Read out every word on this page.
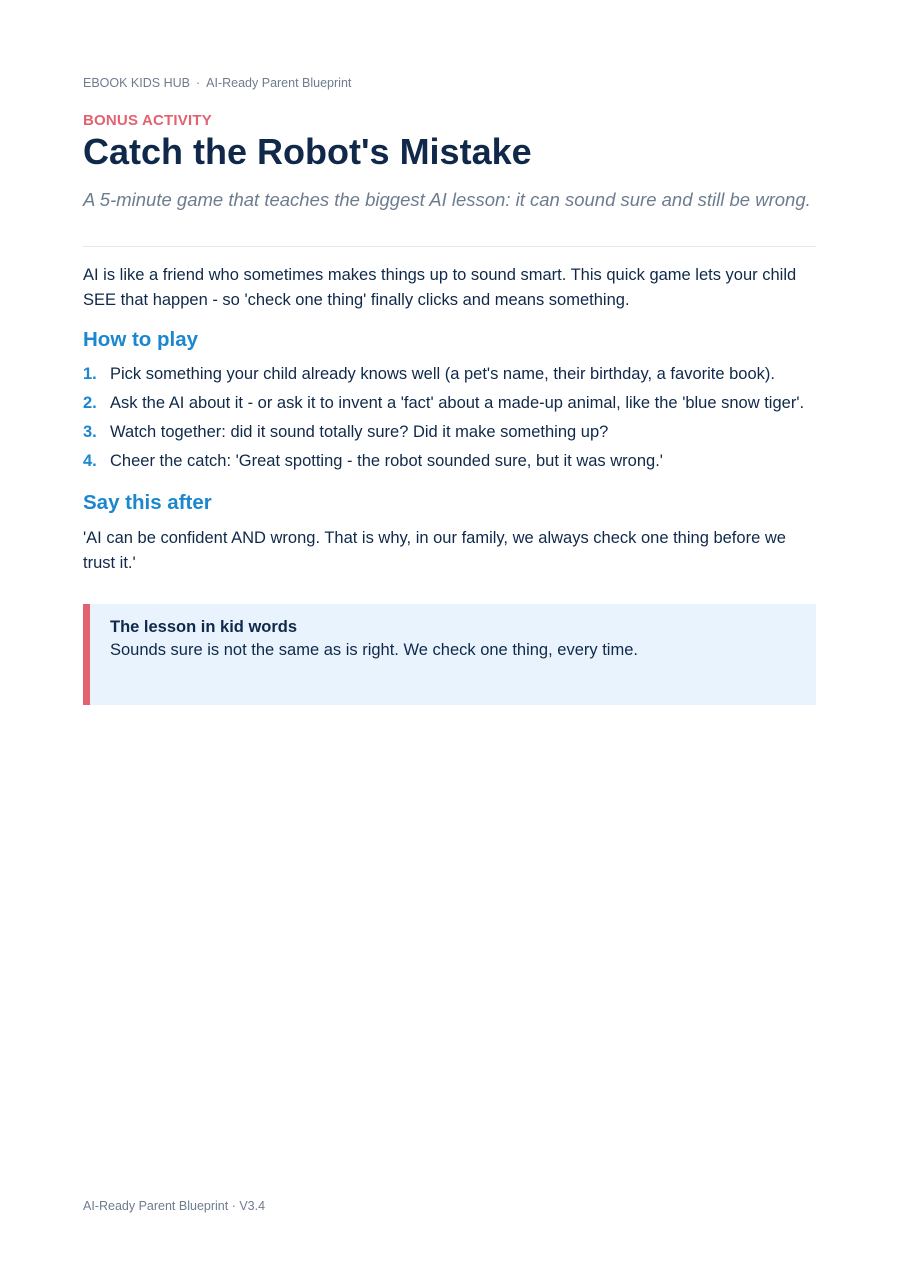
EBOOK KIDS HUB · AI-Ready Parent Blueprint
BONUS ACTIVITY
Catch the Robot's Mistake

A 5-minute game that teaches the biggest AI lesson: it can sound sure and still be wrong.

AI is like a friend who sometimes makes things up to sound smart. This quick game lets your child SEE that happen - so 'check one thing' finally clicks and means something.

How to play
1. Pick something your child already knows well (a pet's name, their birthday, a favorite book).
2. Ask the AI about it - or ask it to invent a 'fact' about a made-up animal, like the 'blue snow tiger'.
3. Watch together: did it sound totally sure? Did it make something up?
4. Cheer the catch: 'Great spotting - the robot sounded sure, but it was wrong.'
Say this after

'AI can be confident AND wrong. That is why, in our family, we always check one thing before we trust it.'

The lesson in kid words

Sounds sure is not the same as is right. We check one thing, every time.

AI-Ready Parent Blueprint · V3.4
